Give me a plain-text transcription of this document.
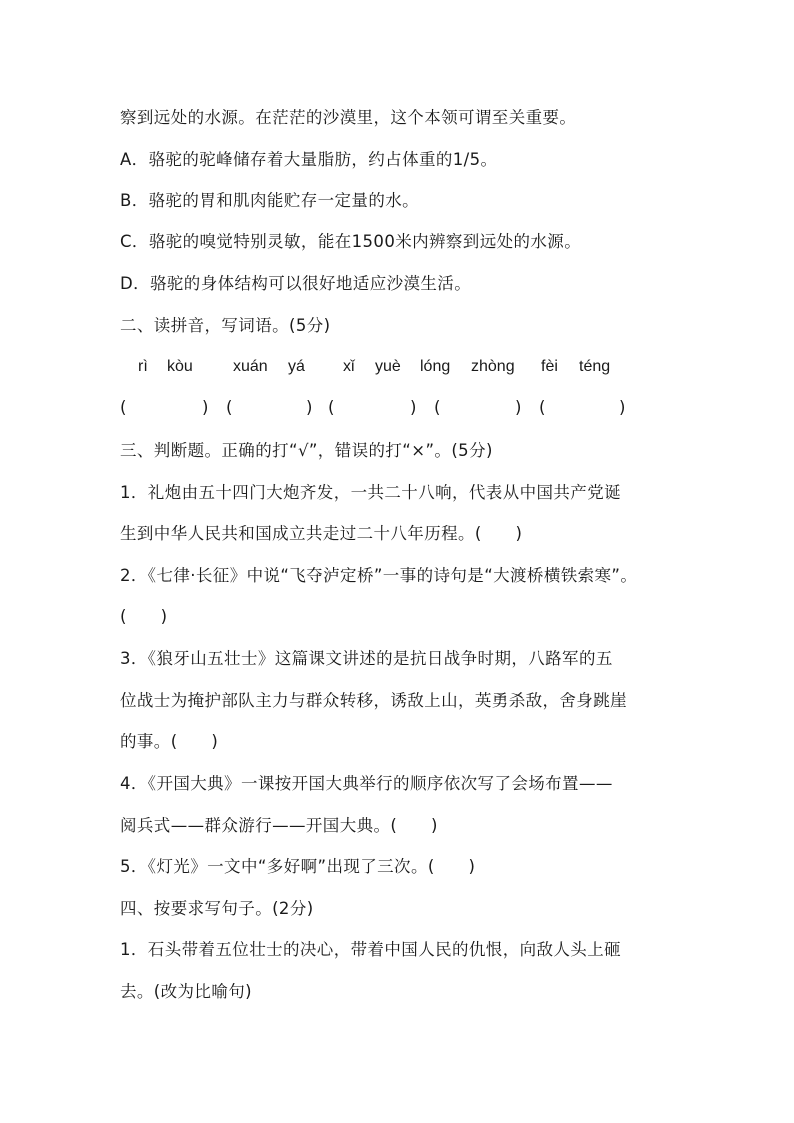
察到远处的水源。在茫茫的沙漠里，这个本领可谓至关重要。
A．骆驼的驼峰储存着大量脂肪，约占体重的1/5。
B．骆驼的胃和肌肉能贮存一定量的水。
C．骆驼的嗅觉特别灵敏，能在1500米内辨察到远处的水源。
D．骆驼的身体结构可以很好地适应沙漠生活。
二、读拼音，写词语。(5分)
rì kòu	xuán yá xǐ yuè lóng zhòng fèi téng
(	) (	) (	) (	) (	)
三、判断题。正确的打“√”，错误的打“×”。(5分)
1．礼炮由五十四门大炮齐发，一共二十八响，代表从中国共产党诞
生到中华人民共和国成立共走过二十八年历程。(　　)
2．《七律·长征》中说“飞夺泸定桥”一事的诗句是“大渡桥横铁索寒”。
(　　)
3．《狼牙山五壮士》这篇课文讲述的是抗日战争时期，八路军的五
位战士为掩护部队主力与群众转移，诱敌上山，英勇杀敌，舍身跳崖
的事。(　　)
4．《开国大典》一课按开国大典举行的顺序依次写了会场布置——
阅兵式——群众游行——开国大典。(　　)
5．《灯光》一文中“多好啊”出现了三次。(　　)
四、按要求写句子。(2分)
1．石头带着五位壮士的决心，带着中国人民的仇恨，向敌人头上砸
去。(改为比喻句)
